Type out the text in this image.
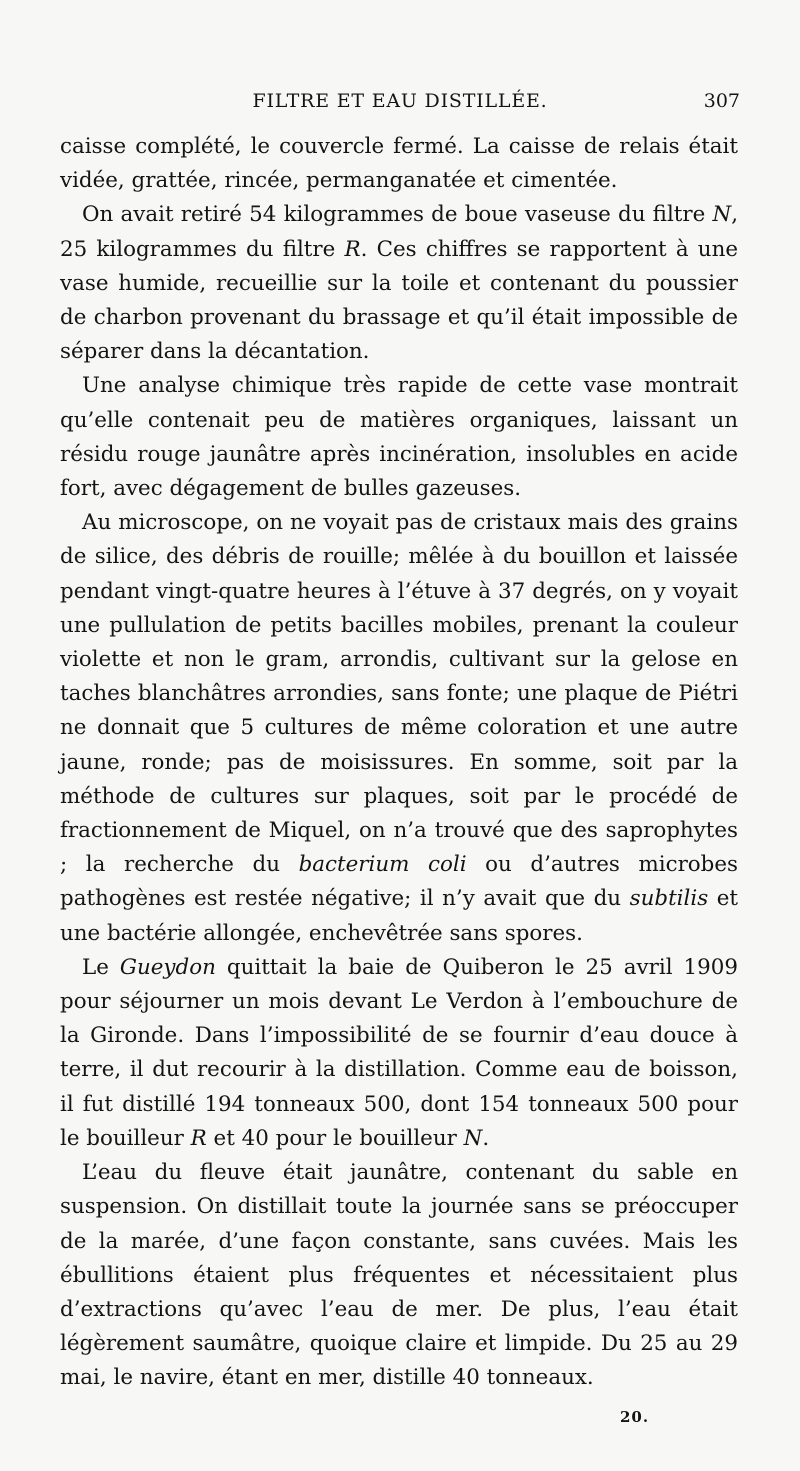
FILTRE ET EAU DISTILLÉE.	307

caisse complété, le couvercle fermé. La caisse de relais était vidée, grattée, rincée, permanganatée et cimentée.

On avait retiré 54 kilogrammes de boue vaseuse du filtre N, 25 kilogrammes du filtre R. Ces chiffres se rapportent à une vase humide, recueillie sur la toile et contenant du poussier de charbon provenant du brassage et qu’il était impossible de séparer dans la décantation.

Une analyse chimique très rapide de cette vase montrait qu’elle contenait peu de matières organiques, laissant un résidu rouge jaunâtre après incinération, insolubles en acide fort, avec dégagement de bulles gazeuses.

Au microscope, on ne voyait pas de cristaux mais des grains de silice, des débris de rouille; mêlée à du bouillon et laissée pendant vingt-quatre heures à l’étuve à 37 degrés, on y voyait une pullulation de petits bacilles mobiles, prenant la couleur violette et non le gram, arrondis, cultivant sur la gelose en taches blanchâtres arrondies, sans fonte; une plaque de Piétri ne donnait que 5 cultures de même coloration et une autre jaune, ronde; pas de moisissures. En somme, soit par la méthode de cultures sur plaques, soit par le procédé de fractionnement de Miquel, on n’a trouvé que des saprophytes ; la recherche du bacterium coli ou d’autres microbes pathogènes est restée négative; il n’y avait que du subtilis et une bactérie allongée, enchevêtrée sans spores.

Le Gueydon quittait la baie de Quiberon le 25 avril 1909 pour séjourner un mois devant Le Verdon à l’embouchure de la Gironde. Dans l’impossibilité de se fournir d’eau douce à terre, il dut recourir à la distillation. Comme eau de boisson, il fut distillé 194 tonneaux 500, dont 154 tonneaux 500 pour le bouilleur R et 40 pour le bouilleur N.

L’eau du fleuve était jaunâtre, contenant du sable en suspension. On distillait toute la journée sans se préoccuper de la marée, d’une façon constante, sans cuvées. Mais les ébullitions étaient plus fréquentes et nécessitaient plus d’extractions qu’avec l’eau de mer. De plus, l’eau était légèrement saumâtre, quoique claire et limpide. Du 25 au 29 mai, le navire, étant en mer, distille 40 tonneaux.

20.
